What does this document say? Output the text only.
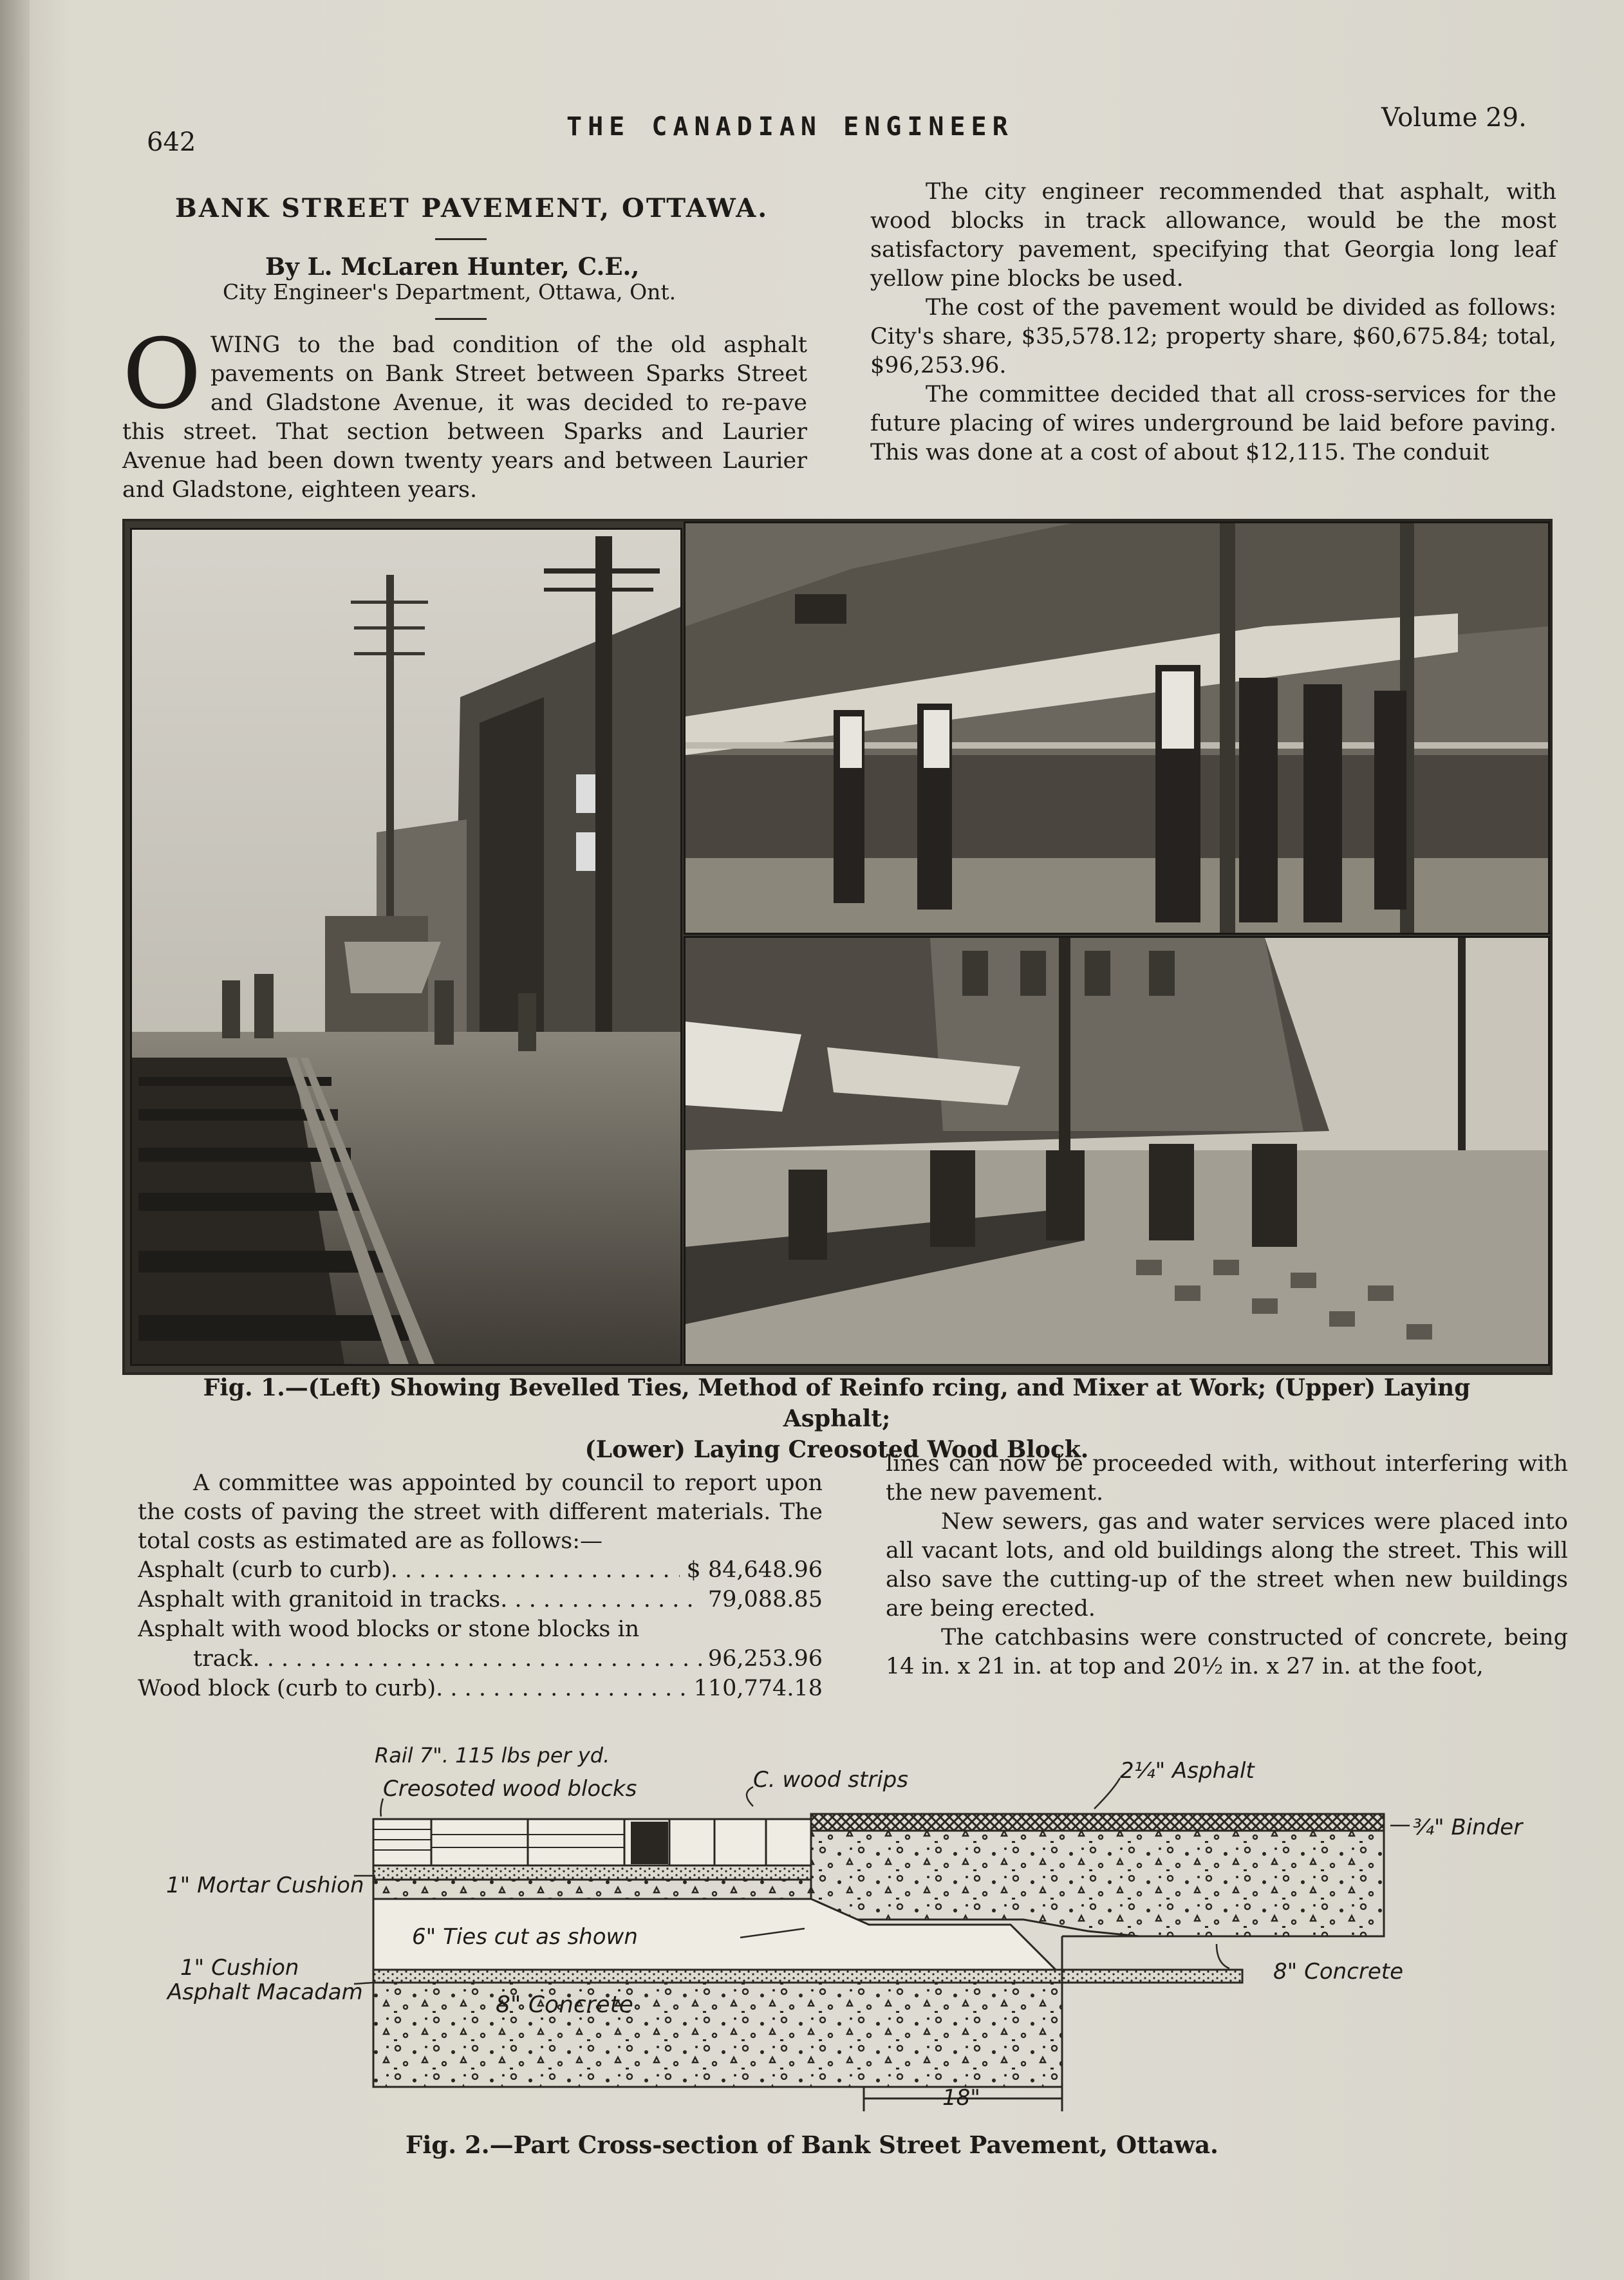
642
THE CANADIAN ENGINEER	Volume 29.
BANK STREET PAVEMENT, OTTAWA.
By L. McLaren Hunter, C.E.,
City Engineer's Department, Ottawa, Ont.

O WING to the bad condition of the old asphalt pavements on Bank Street between Sparks Street and Gladstone Avenue, it was decided to re-pave this street. That section between Sparks and Laurier Avenue had been down twenty years and between Laurier and Gladstone, eighteen years.

The city engineer recommended that asphalt, with wood blocks in track allowance, would be the most satisfactory pavement, specifying that Georgia long leaf yellow pine blocks be used.

The cost of the pavement would be divided as follows: City's share, $35,578.12; property share, $60,675.84; total, $96,253.96.

The committee decided that all cross-services for the future placing of wires underground be laid before paving. This was done at a cost of about $12,115. The conduit

Fig. 1.—(Left) Showing Bevelled Ties, Method of Reinfo rcing, and Mixer at Work; (Upper) Laying Asphalt;
(Lower) Laying Creosoted Wood Block.

A committee was appointed by council to report upon the costs of paving the street with different materials. The total costs as estimated are as follows:—

Asphalt (curb to curb) . . .	$ 84,648.96
Asphalt with granitoid in tracks . . .	79,088.85
Asphalt with wood blocks or stone blocks in
track . . .	96,253.96
Wood block (curb to curb) . . .	110,774.18

lines can now be proceeded with, without interfering with the new pavement.

New sewers, gas and water services were placed into all vacant lots, and old buildings along the street. This will also save the cutting-up of the street when new buildings are being erected.

The catchbasins were constructed of concrete, being 14 in. x 21 in. at top and 20½ in. x 27 in. at the foot,

Rail 7". 115 lbs per yd.
Creosoted wood blocks	C. wood strips	2¼" Asphalt
¾" Binder
1" Mortar Cushion
6" Ties cut as shown
8" Concrete
1" Cushion
Asphalt Macadam	8" Concrete
18"
Fig. 2.—Part Cross-section of Bank Street Pavement, Ottawa.
